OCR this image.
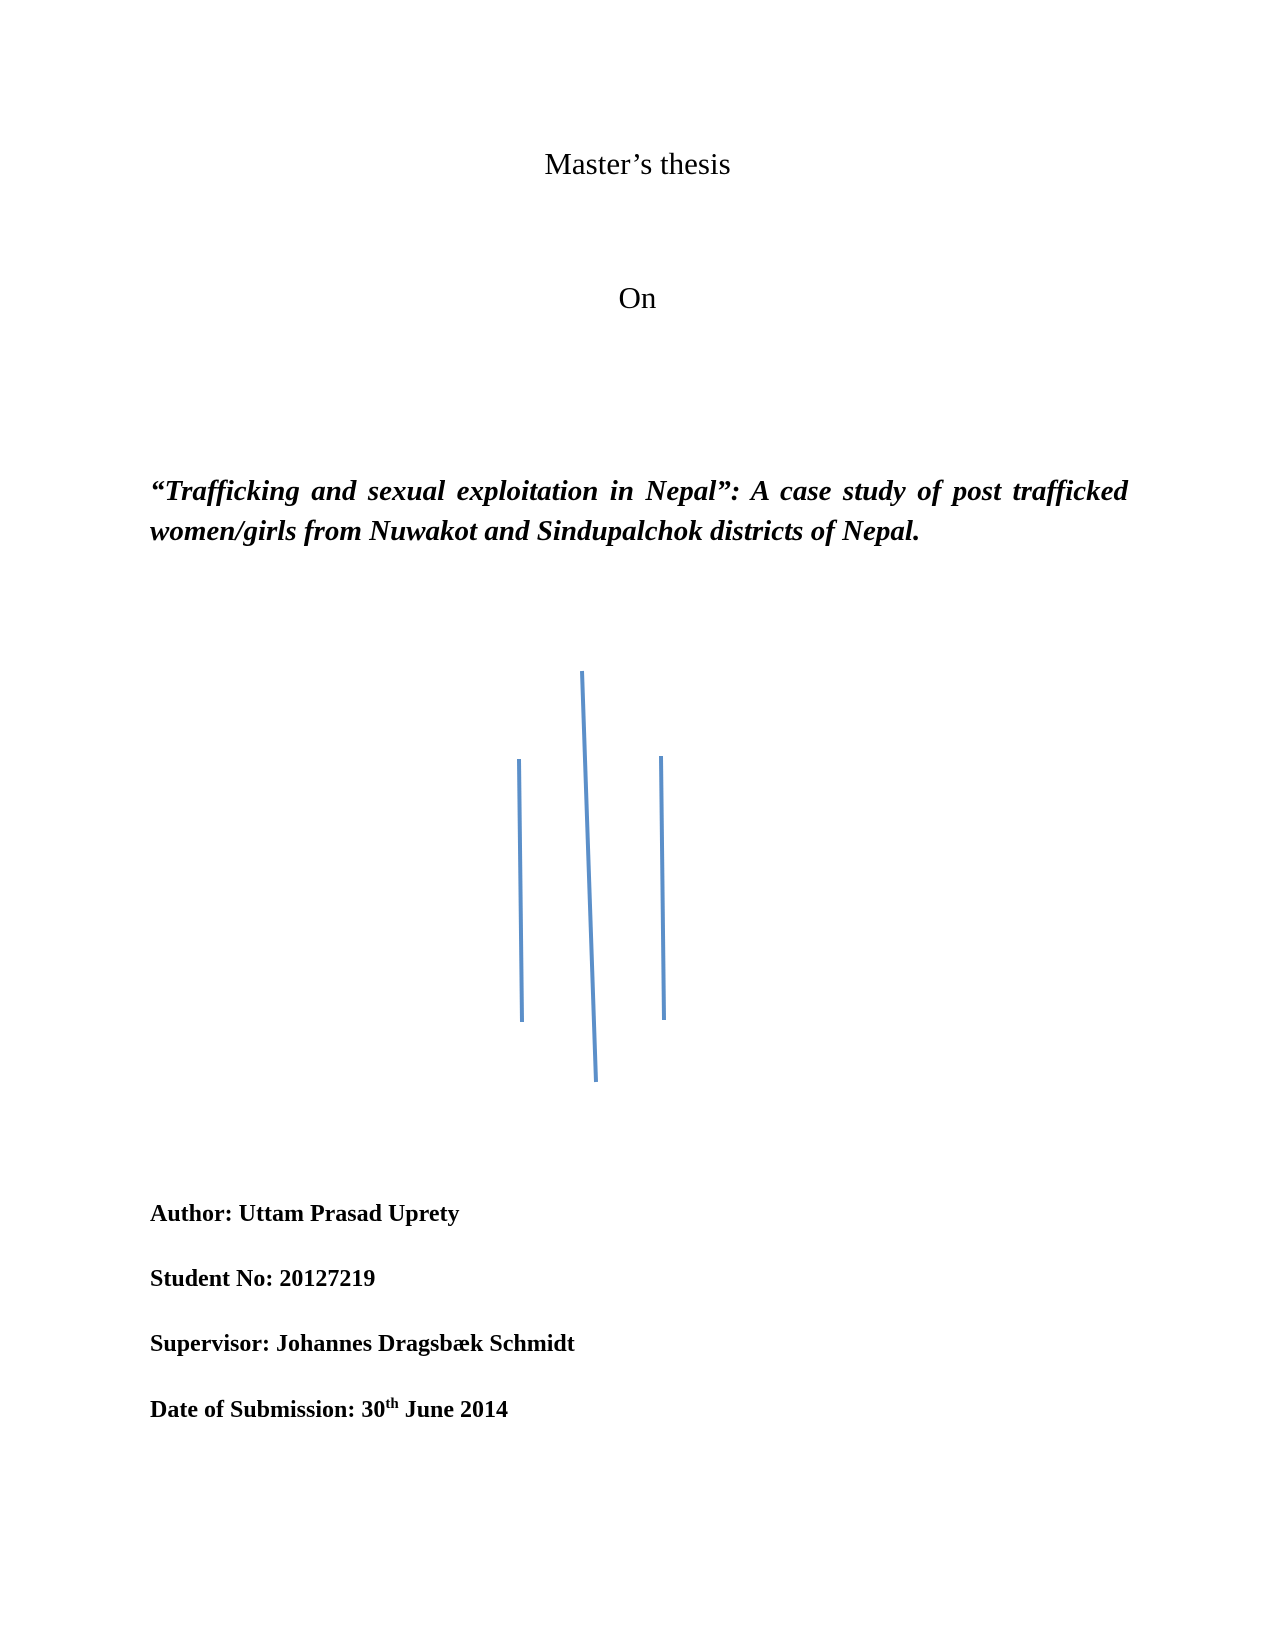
Master’s thesis
On
“Trafficking and sexual exploitation in Nepal”: A case study of post trafficked women/girls from Nuwakot and Sindupalchok districts of Nepal.
Author: Uttam Prasad Uprety
Student No: 20127219
Supervisor: Johannes Dragsbæk Schmidt
Date of Submission: 30th June 2014
